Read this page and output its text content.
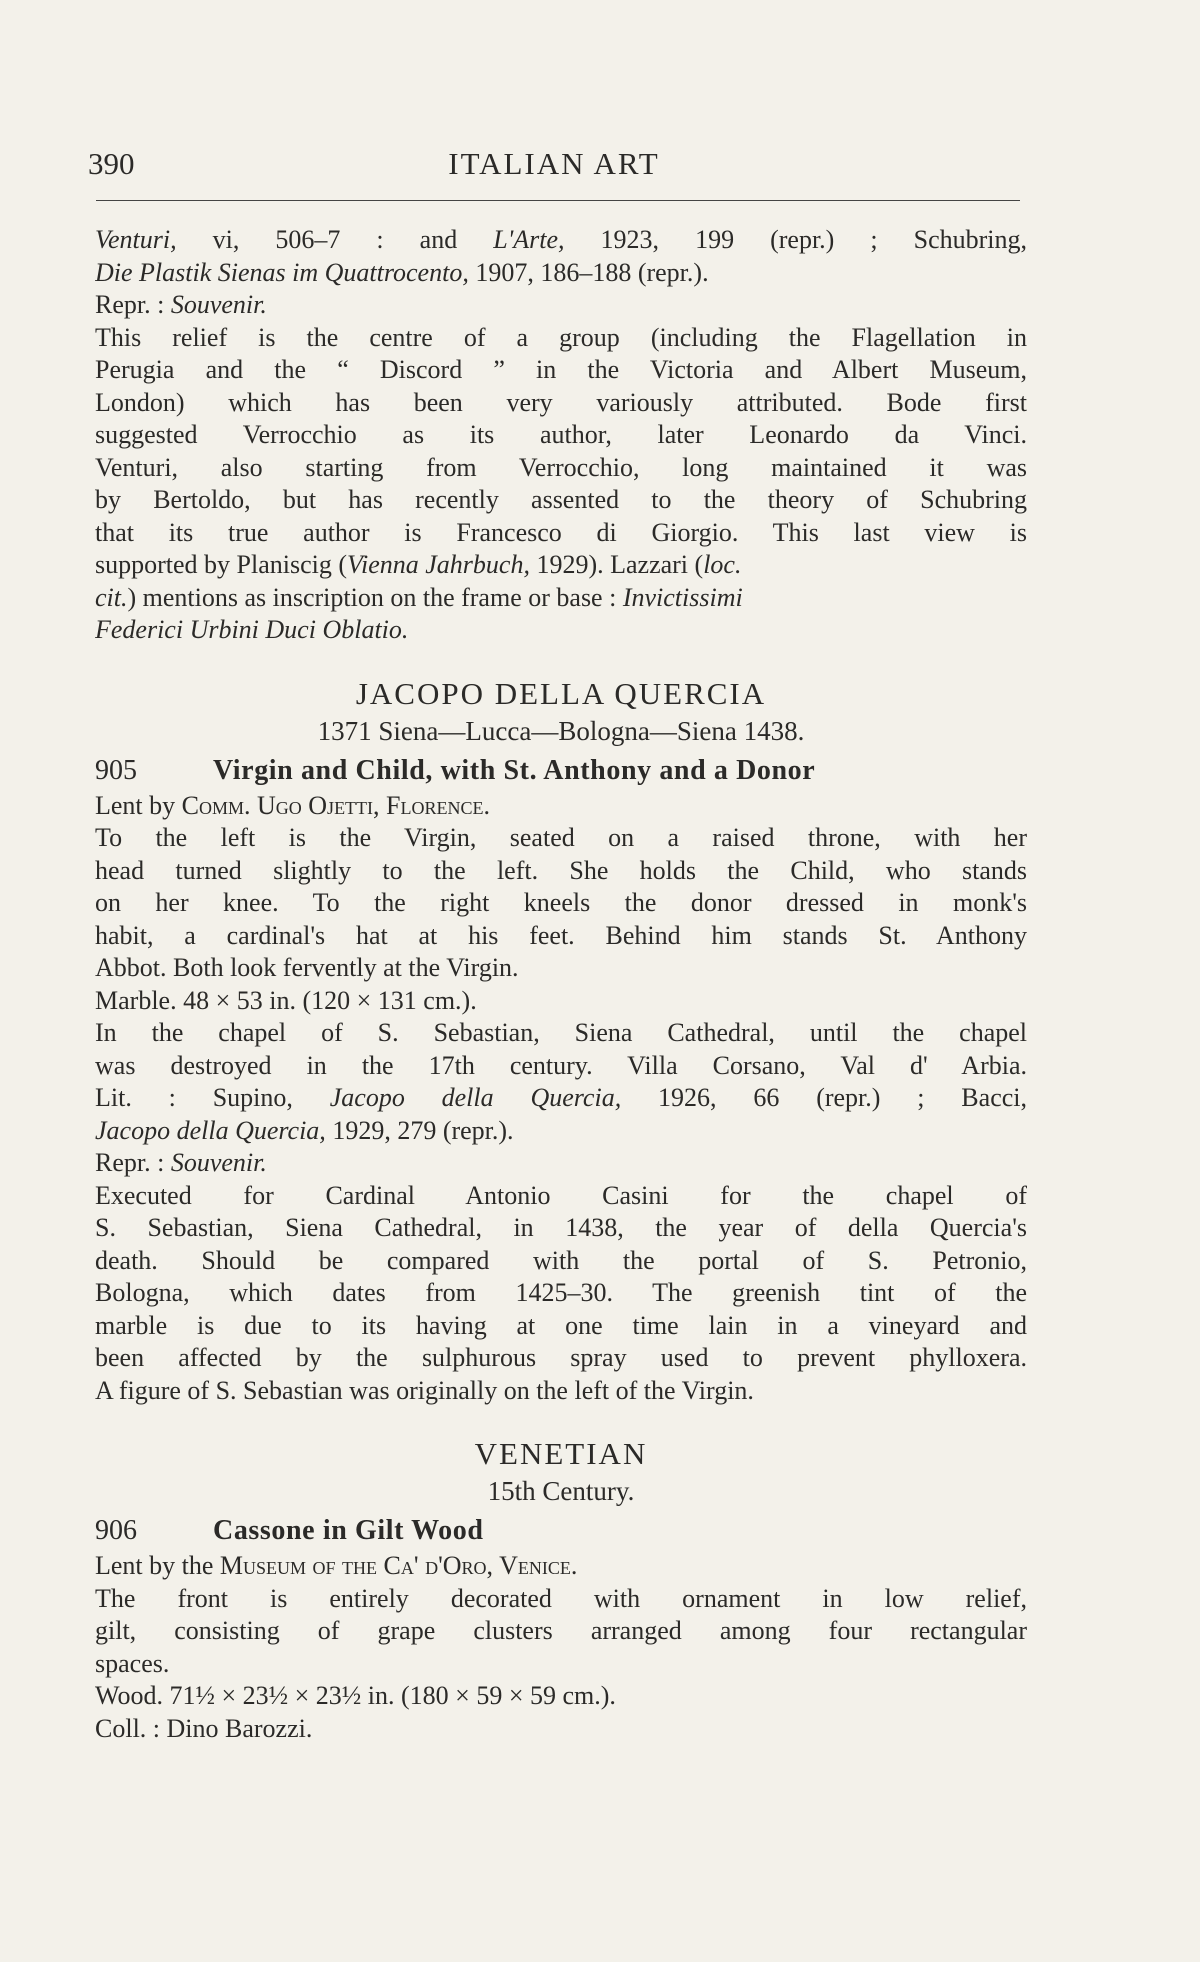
390	ITALIAN ART
Venturi, vi, 506–7 : and L'Arte, 1923, 199 (repr.) ; Schubring,
Die Plastik Sienas im Quattrocento, 1907, 186–188 (repr.).
Repr. : Souvenir.
This relief is the centre of a group (including the Flagellation in
Perugia and the “ Discord ” in the Victoria and Albert Museum,
London) which has been very variously attributed. Bode first
suggested Verrocchio as its author, later Leonardo da Vinci.
Venturi, also starting from Verrocchio, long maintained it was
by Bertoldo, but has recently assented to the theory of Schubring
that its true author is Francesco di Giorgio. This last view is
supported by Planiscig (Vienna Jahrbuch, 1929). Lazzari (loc.
cit.) mentions as inscription on the frame or base : Invictissimi
Federici Urbini Duci Oblatio.
JACOPO DELLA QUERCIA
1371 Siena—Lucca—Bologna—Siena 1438.
905	Virgin and Child, with St. Anthony and a Donor
Lent by Comm. Ugo Ojetti, Florence.
To the left is the Virgin, seated on a raised throne, with her
head turned slightly to the left. She holds the Child, who stands
on her knee. To the right kneels the donor dressed in monk's
habit, a cardinal's hat at his feet. Behind him stands St. Anthony
Abbot. Both look fervently at the Virgin.
Marble. 48 × 53 in. (120 × 131 cm.).
In the chapel of S. Sebastian, Siena Cathedral, until the chapel
was destroyed in the 17th century. Villa Corsano, Val d' Arbia.
Lit. : Supino, Jacopo della Quercia, 1926, 66 (repr.) ; Bacci,
Jacopo della Quercia, 1929, 279 (repr.).
Repr. : Souvenir.
Executed for Cardinal Antonio Casini for the chapel of
S. Sebastian, Siena Cathedral, in 1438, the year of della Quercia's
death. Should be compared with the portal of S. Petronio,
Bologna, which dates from 1425–30. The greenish tint of the
marble is due to its having at one time lain in a vineyard and
been affected by the sulphurous spray used to prevent phylloxera.
A figure of S. Sebastian was originally on the left of the Virgin.
VENETIAN
15th Century.
906	Cassone in Gilt Wood
Lent by the Museum of the Ca' d'Oro, Venice.
The front is entirely decorated with ornament in low relief,
gilt, consisting of grape clusters arranged among four rectangular
spaces.
Wood. 71½ × 23½ × 23½ in. (180 × 59 × 59 cm.).
Coll. : Dino Barozzi.
